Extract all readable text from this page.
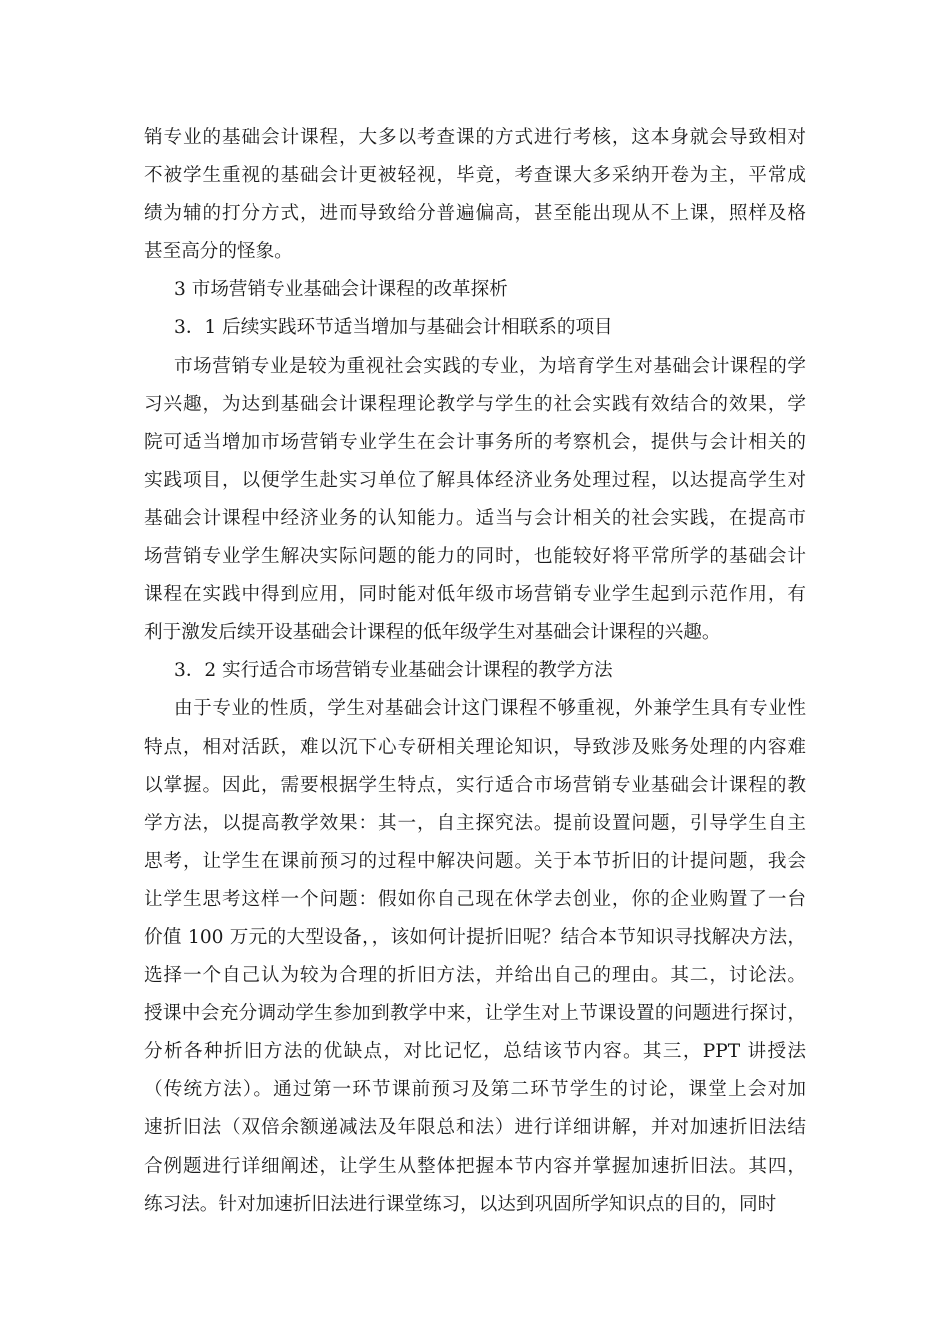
销专业的基础会计课程，大多以考查课的方式进行考核，这本身就会导致相对
不被学生重视的基础会计更被轻视，毕竟，考查课大多采纳开卷为主，平常成
绩为辅的打分方式，进而导致给分普遍偏高，甚至能出现从不上课，照样及格
甚至高分的怪象。
3 市场营销专业基础会计课程的改革探析
3．1 后续实践环节适当增加与基础会计相联系的项目
市场营销专业是较为重视社会实践的专业，为培育学生对基础会计课程的学
习兴趣，为达到基础会计课程理论教学与学生的社会实践有效结合的效果，学
院可适当增加市场营销专业学生在会计事务所的考察机会，提供与会计相关的
实践项目，以便学生赴实习单位了解具体经济业务处理过程，以达提高学生对
基础会计课程中经济业务的认知能力。适当与会计相关的社会实践，在提高市
场营销专业学生解决实际问题的能力的同时，也能较好将平常所学的基础会计
课程在实践中得到应用，同时能对低年级市场营销专业学生起到示范作用，有
利于激发后续开设基础会计课程的低年级学生对基础会计课程的兴趣。
3．2 实行适合市场营销专业基础会计课程的教学方法
由于专业的性质，学生对基础会计这门课程不够重视，外兼学生具有专业性
特点，相对活跃，难以沉下心专研相关理论知识，导致涉及账务处理的内容难
以掌握。因此，需要根据学生特点，实行适合市场营销专业基础会计课程的教
学方法，以提高教学效果：其一，自主探究法。提前设置问题，引导学生自主
思考，让学生在课前预习的过程中解决问题。关于本节折旧的计提问题，我会
让学生思考这样一个问题：假如你自己现在休学去创业，你的企业购置了一台
价值 100 万元的大型设备，，该如何计提折旧呢？结合本节知识寻找解决方法，
选择一个自己认为较为合理的折旧方法，并给出自己的理由。其二，讨论法。
授课中会充分调动学生参加到教学中来，让学生对上节课设置的问题进行探讨，
分析各种折旧方法的优缺点，对比记忆，总结该节内容。其三，PPT 讲授法
（传统方法）。通过第一环节课前预习及第二环节学生的讨论，课堂上会对加
速折旧法（双倍余额递减法及年限总和法）进行详细讲解，并对加速折旧法结
合例题进行详细阐述，让学生从整体把握本节内容并掌握加速折旧法。其四，
练习法。针对加速折旧法进行课堂练习，以达到巩固所学知识点的目的，同时
